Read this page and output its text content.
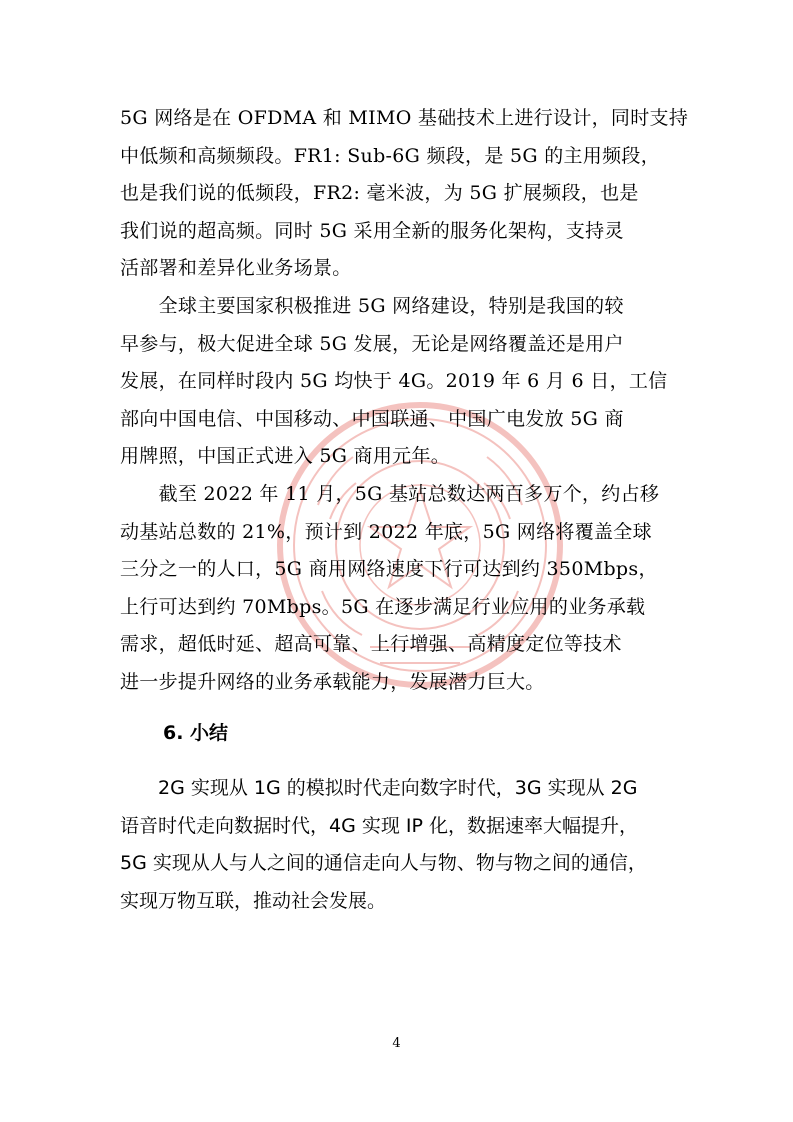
5G 网络是在 OFDMA 和 MIMO 基础技术上进行设计，同时支持
中低频和高频频段。FR1: Sub-6G 频段，是 5G 的主用频段，
也是我们说的低频段，FR2: 毫米波，为 5G 扩展频段，也是
我们说的超高频。同时 5G 采用全新的服务化架构，支持灵
活部署和差异化业务场景。
　　全球主要国家积极推进 5G 网络建设，特别是我国的较
早参与，极大促进全球 5G 发展，无论是网络覆盖还是用户
发展，在同样时段内 5G 均快于 4G。2019 年 6 月 6 日，工信
部向中国电信、中国移动、中国联通、中国广电发放 5G 商
用牌照，中国正式进入 5G 商用元年。
　　截至 2022 年 11 月，5G 基站总数达两百多万个，约占移
动基站总数的 21%，预计到 2022 年底，5G 网络将覆盖全球
三分之一的人口，5G 商用网络速度下行可达到约 350Mbps，
上行可达到约 70Mbps。5G 在逐步满足行业应用的业务承载
需求，超低时延、超高可靠、上行增强、高精度定位等技术
进一步提升网络的业务承载能力，发展潜力巨大。
6. 小结
　　2G 实现从 1G 的模拟时代走向数字时代，3G 实现从 2G
语音时代走向数据时代，4G 实现 IP 化，数据速率大幅提升，
5G 实现从人与人之间的通信走向人与物、物与物之间的通信，
实现万物互联，推动社会发展。
4
